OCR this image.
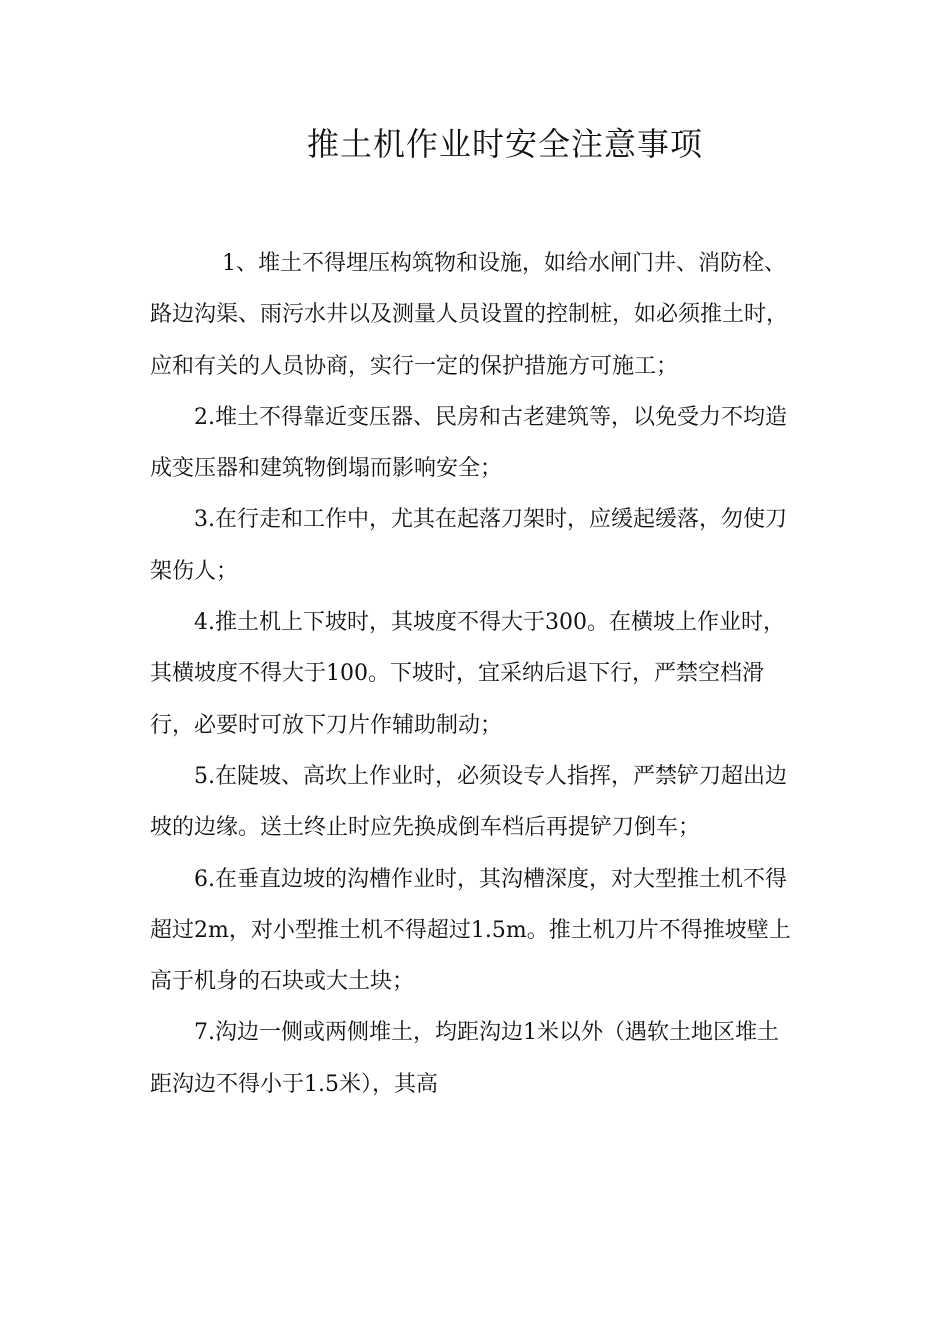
推土机作业时安全注意事项
1、堆土不得埋压构筑物和设施，如给水闸门井、消防栓、
路边沟渠、雨污水井以及测量人员设置的控制桩，如必须推土时，
应和有关的人员协商，实行一定的保护措施方可施工；
2.堆土不得靠近变压器、民房和古老建筑等，以免受力不均造
成变压器和建筑物倒塌而影响安全；
3.在行走和工作中，尤其在起落刀架时，应缓起缓落，勿使刀
架伤人；
4.推土机上下坡时，其坡度不得大于300。在横坡上作业时，
其横坡度不得大于100。下坡时，宜采纳后退下行，严禁空档滑
行，必要时可放下刀片作辅助制动；
5.在陡坡、高坎上作业时，必须设专人指挥，严禁铲刀超出边
坡的边缘。送土终止时应先换成倒车档后再提铲刀倒车；
6.在垂直边坡的沟槽作业时，其沟槽深度，对大型推土机不得
超过2m，对小型推土机不得超过1.5m。推土机刀片不得推坡壁上
高于机身的石块或大土块；
7.沟边一侧或两侧堆土，均距沟边1米以外（遇软土地区堆土
距沟边不得小于1.5米），其高
